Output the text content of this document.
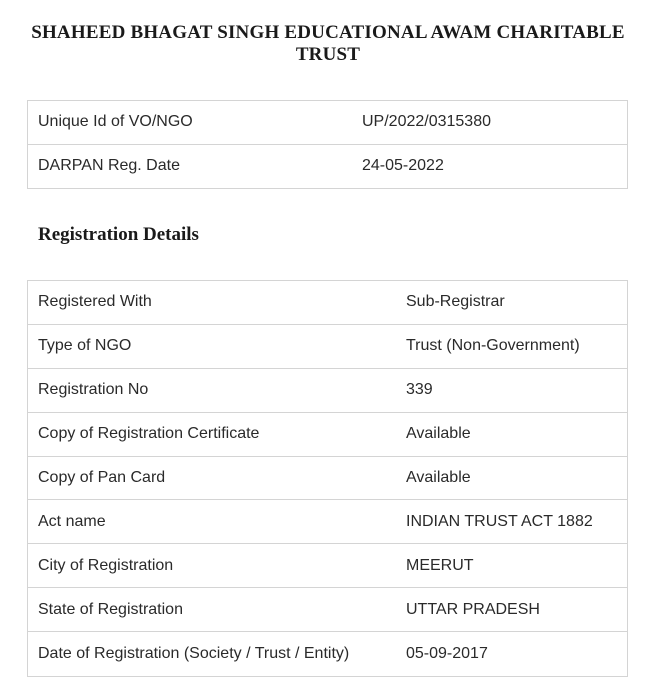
SHAHEED BHAGAT SINGH EDUCATIONAL AWAM CHARITABLE TRUST
Unique Id of VO/NGO	UP/2022/0315380
DARPAN Reg. Date	24-05-2022
Registration Details
Registered With	Sub-Registrar
Type of NGO	Trust (Non-Government)
Registration No	339
Copy of Registration Certificate	Available
Copy of Pan Card	Available
Act name	INDIAN TRUST ACT 1882
City of Registration	MEERUT
State of Registration	UTTAR PRADESH
Date of Registration (Society / Trust / Entity)	05-09-2017
